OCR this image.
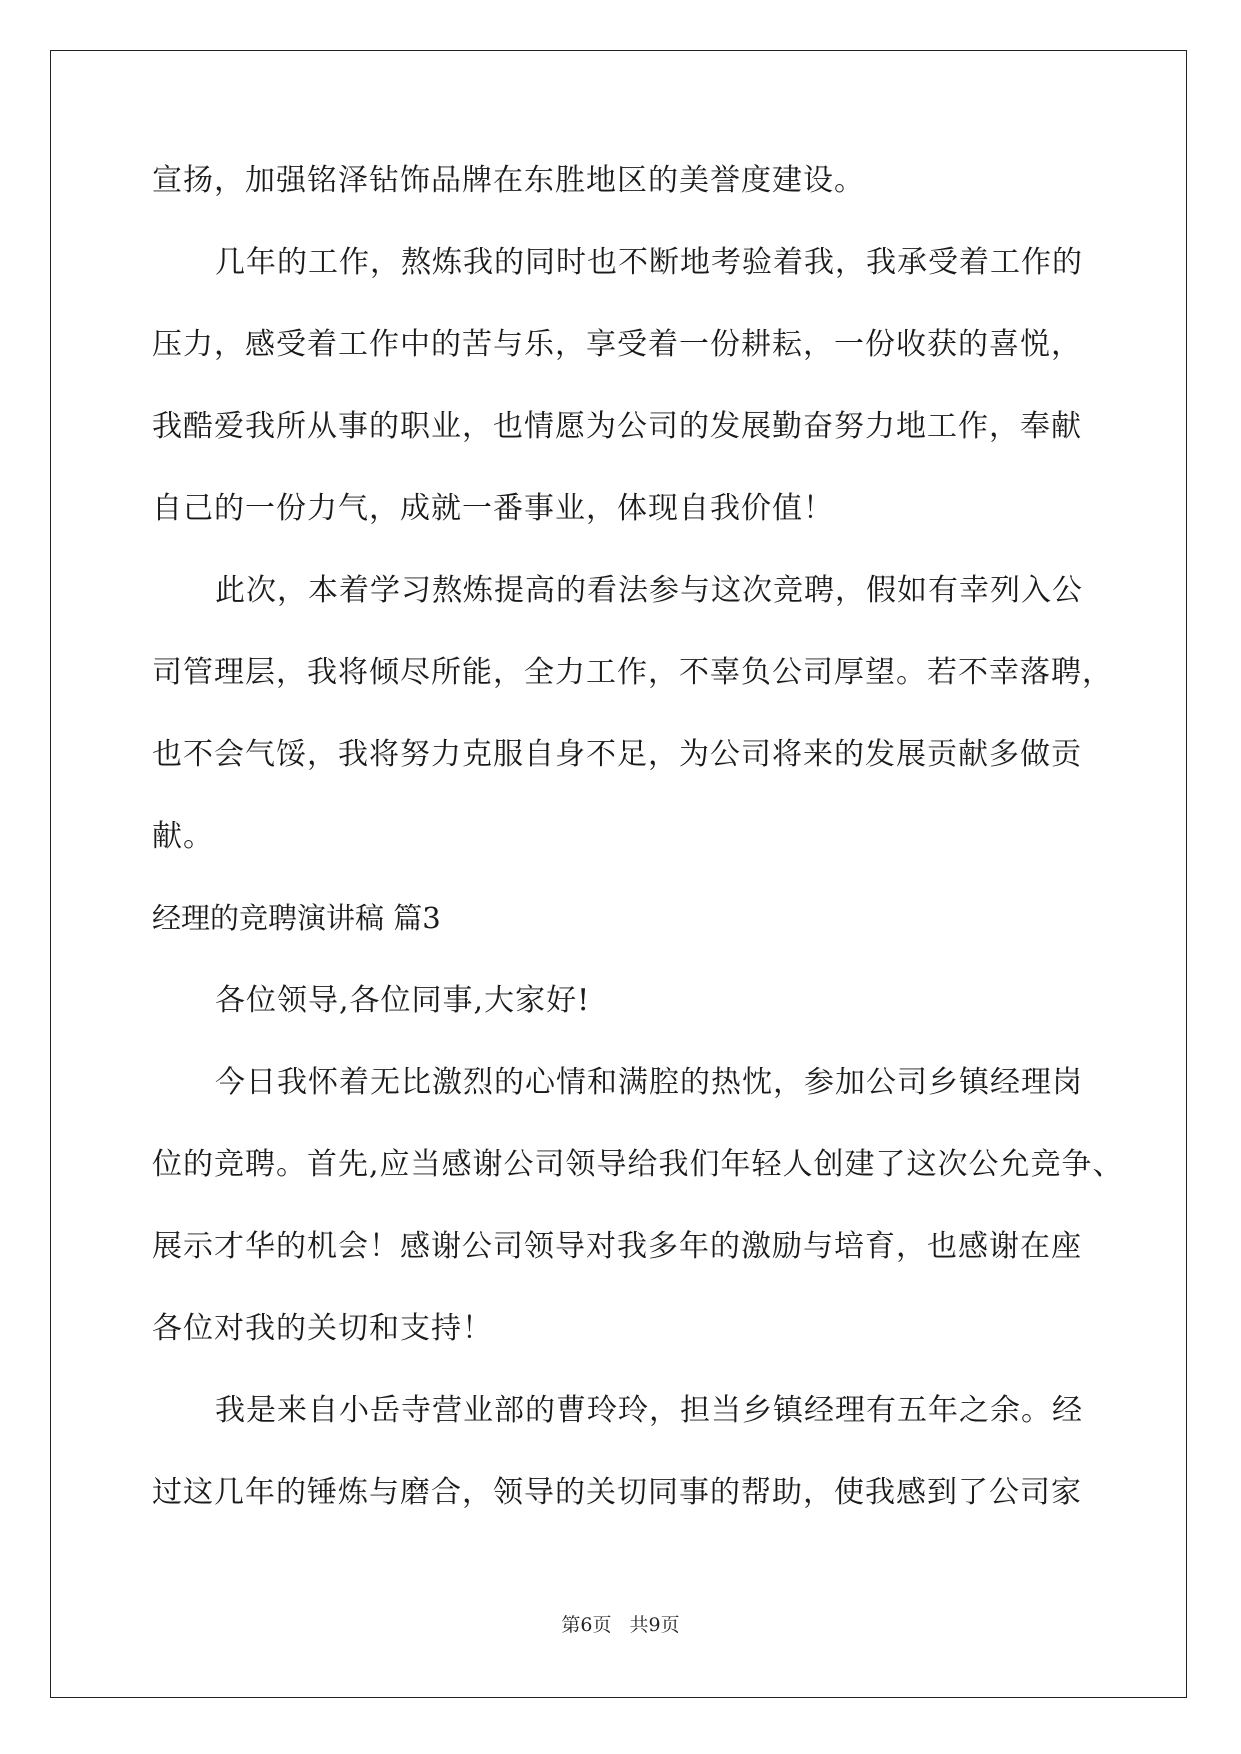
宣扬，加强铭泽钻饰品牌在东胜地区的美誉度建设。
几年的工作，熬炼我的同时也不断地考验着我，我承受着工作的
压力，感受着工作中的苦与乐，享受着一份耕耘，一份收获的喜悦，
我酷爱我所从事的职业，也情愿为公司的发展勤奋努力地工作，奉献
自己的一份力气，成就一番事业，体现自我价值！
此次，本着学习熬炼提高的看法参与这次竞聘，假如有幸列入公
司管理层，我将倾尽所能，全力工作，不辜负公司厚望。若不幸落聘，
也不会气馁，我将努力克服自身不足，为公司将来的发展贡献多做贡
献。
经理的竞聘演讲稿 篇3
各位领导,各位同事,大家好!
今日我怀着无比激烈的心情和满腔的热忱，参加公司乡镇经理岗
位的竞聘。首先,应当感谢公司领导给我们年轻人创建了这次公允竞争、
展示才华的机会！感谢公司领导对我多年的激励与培育，也感谢在座
各位对我的关切和支持！
我是来自小岳寺营业部的曹玲玲，担当乡镇经理有五年之余。经
过这几年的锤炼与磨合，领导的关切同事的帮助，使我感到了公司家
第6页 共9页
